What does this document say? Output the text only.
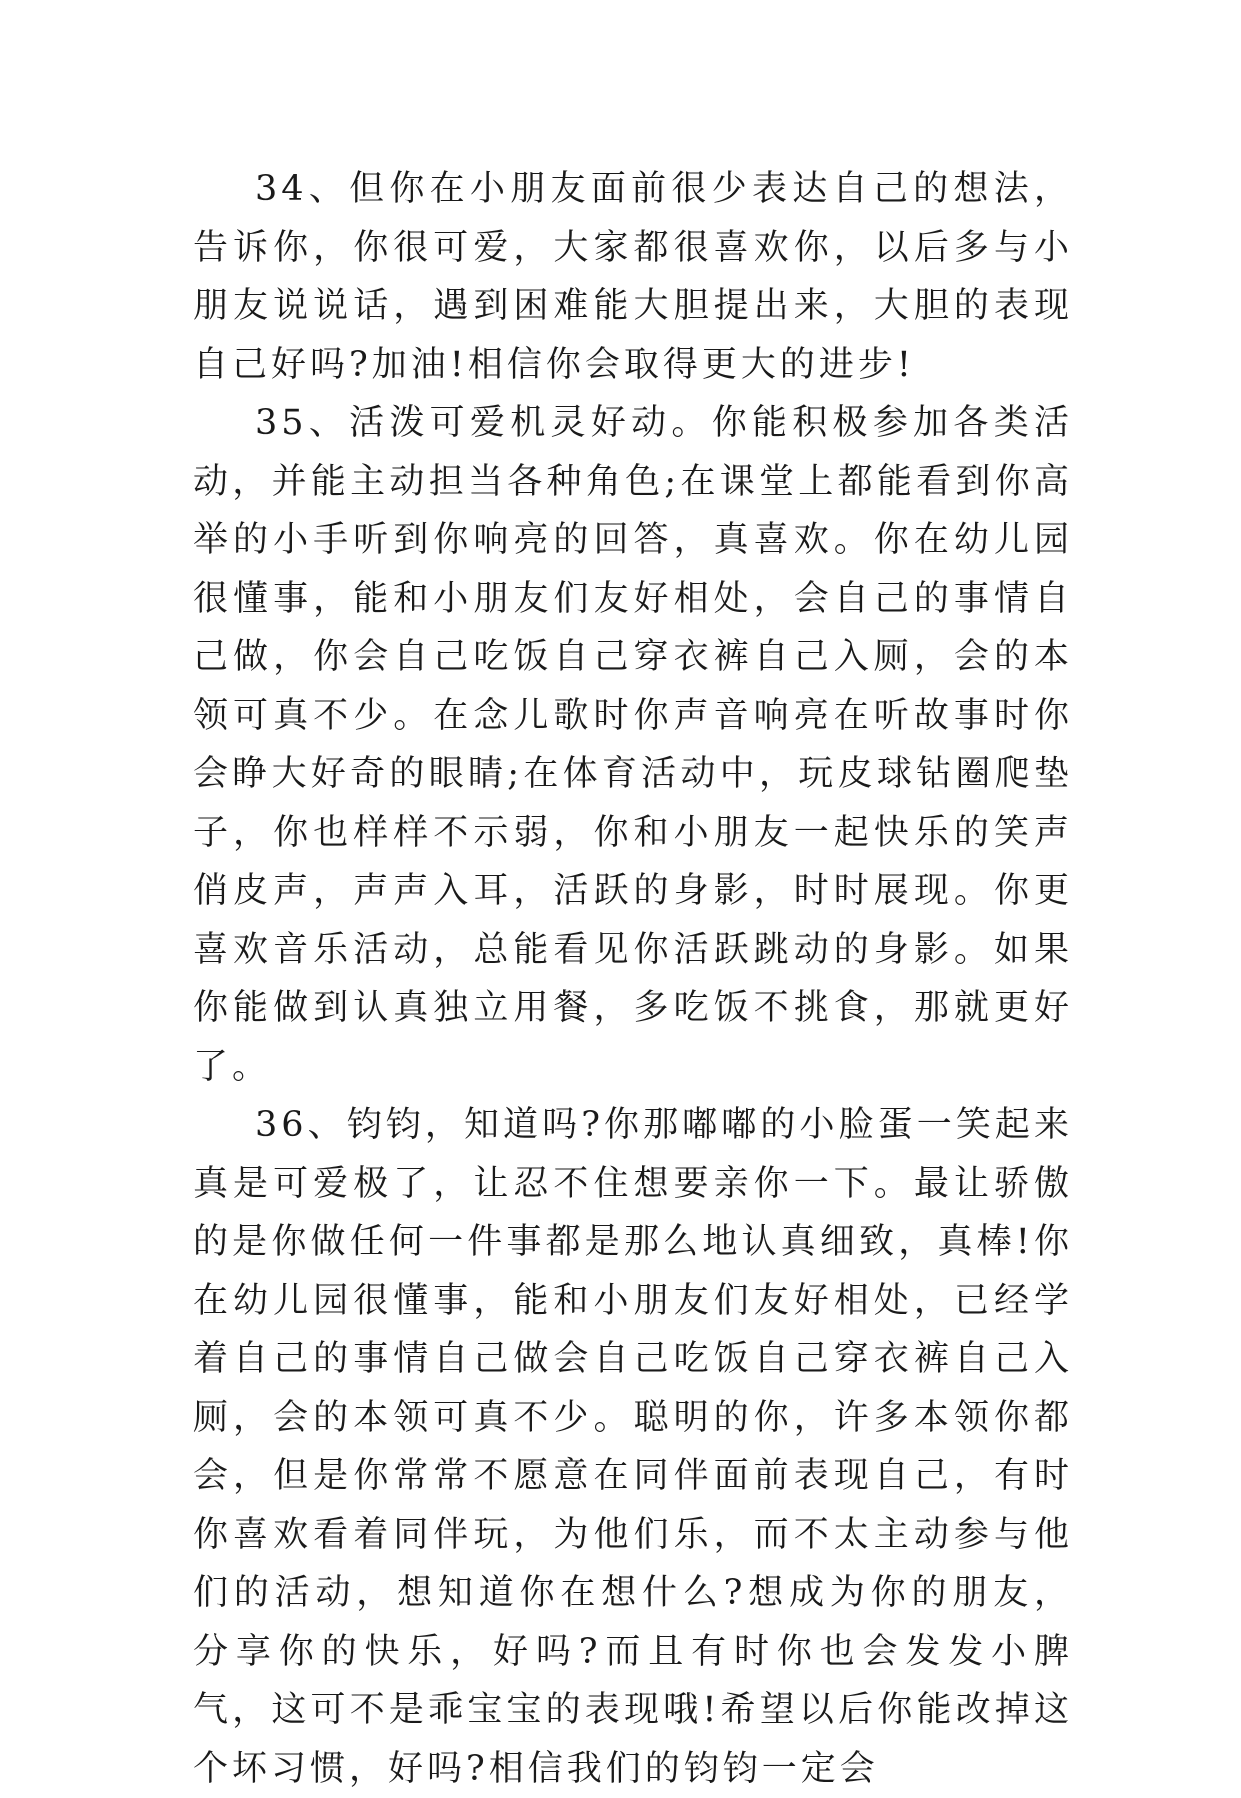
34、但你在小朋友面前很少表达自己的想法，告诉你，你很可爱，大家都很喜欢你，以后多与小朋友说说话，遇到困难能大胆提出来，大胆的表现自己好吗?加油!相信你会取得更大的进步!

35、活泼可爱机灵好动。你能积极参加各类活动，并能主动担当各种角色;在课堂上都能看到你高举的小手听到你响亮的回答，真喜欢。你在幼儿园很懂事，能和小朋友们友好相处，会自己的事情自己做，你会自己吃饭自己穿衣裤自己入厕，会的本领可真不少。在念儿歌时你声音响亮在听故事时你会睁大好奇的眼睛;在体育活动中，玩皮球钻圈爬垫子，你也样样不示弱，你和小朋友一起快乐的笑声俏皮声，声声入耳，活跃的身影，时时展现。你更喜欢音乐活动，总能看见你活跃跳动的身影。如果你能做到认真独立用餐，多吃饭不挑食，那就更好了。

36、钧钧，知道吗?你那嘟嘟的小脸蛋一笑起来真是可爱极了，让忍不住想要亲你一下。最让骄傲的是你做任何一件事都是那么地认真细致，真棒!你在幼儿园很懂事，能和小朋友们友好相处，已经学着自己的事情自己做会自己吃饭自己穿衣裤自己入厕，会的本领可真不少。聪明的你，许多本领你都会，但是你常常不愿意在同伴面前表现自己，有时你喜欢看着同伴玩，为他们乐，而不太主动参与他们的活动，想知道你在想什么?想成为你的朋友，分享你的快乐，好吗?而且有时你也会发发小脾气，这可不是乖宝宝的表现哦!希望以后你能改掉这个坏习惯，好吗?相信我们的钧钧一定会
